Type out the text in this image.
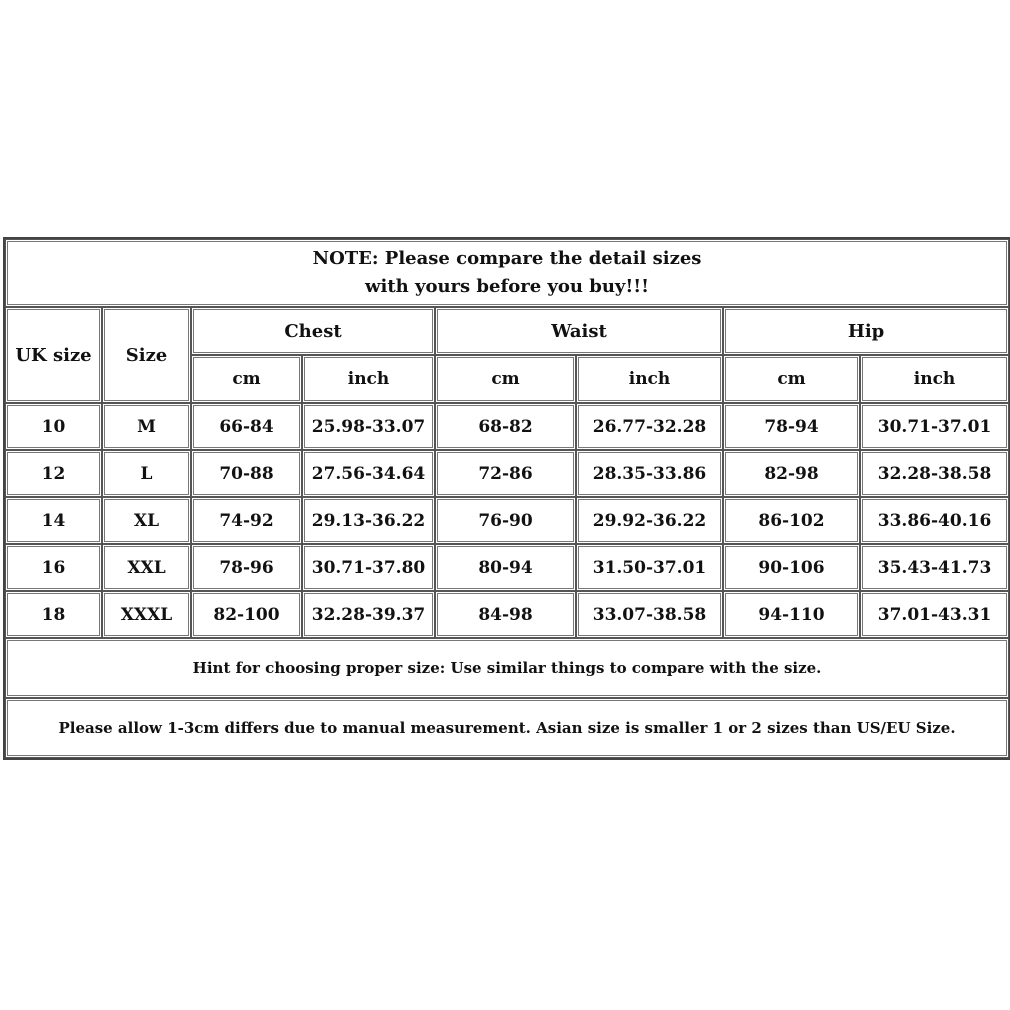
NOTE: Please compare the detail sizes
with yours before you buy!!!							

UK size	Size	Chest		Waist		Hip	
		cm	inch	cm	inch	cm	inch
10	M	66-84	25.98-33.07	68-82	26.77-32.28	78-94	30.71-37.01
12	L	70-88	27.56-34.64	72-86	28.35-33.86	82-98	32.28-38.58
14	XL	74-92	29.13-36.22	76-90	29.92-36.22	86-102	33.86-40.16
16	XXL	78-96	30.71-37.80	80-94	31.50-37.01	90-106	35.43-41.73
18	XXXL	82-100	32.28-39.37	84-98	33.07-38.58	94-110	37.01-43.31
Hint for choosing proper size: Use similar things to compare with the size.							
Please allow 1-3cm differs due to manual measurement. Asian size is smaller 1 or 2 sizes than US/EU Size.							
